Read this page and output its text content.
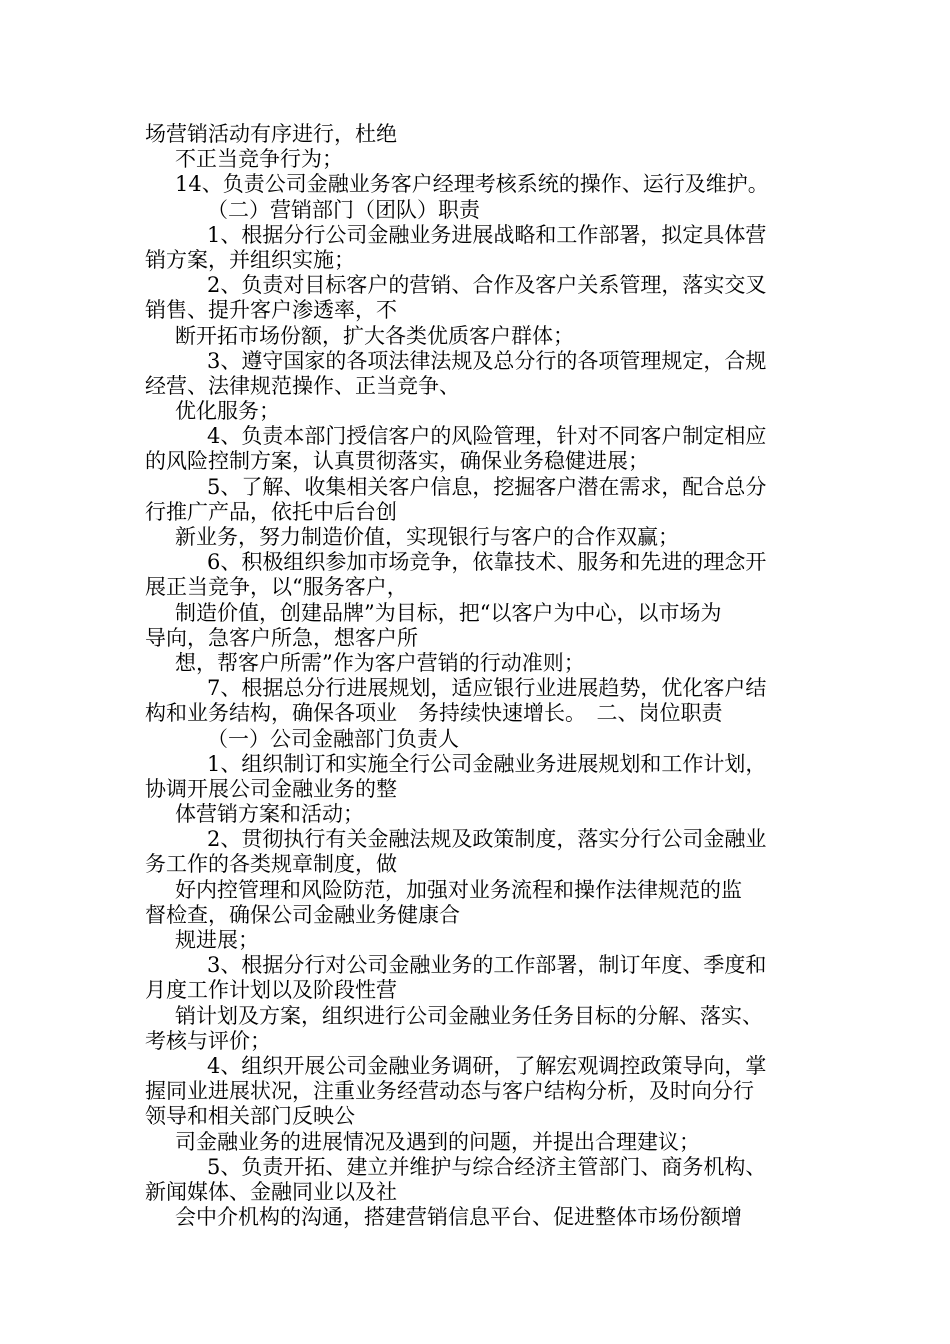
场营销活动有序进行，杜绝
不正当竞争行为；
14、负责公司金融业务客户经理考核系统的操作、运行及维护。
（二）营销部门（团队）职责
1、根据分行公司金融业务进展战略和工作部署，拟定具体营
销方案，并组织实施；
2、负责对目标客户的营销、合作及客户关系管理，落实交叉
销售、提升客户渗透率，不
断开拓市场份额，扩大各类优质客户群体；
3、遵守国家的各项法律法规及总分行的各项管理规定，合规
经营、法律规范操作、正当竞争、
优化服务；
4、负责本部门授信客户的风险管理，针对不同客户制定相应
的风险控制方案，认真贯彻落实，确保业务稳健进展；
5、了解、收集相关客户信息，挖掘客户潜在需求，配合总分
行推广产品，依托中后台创
新业务，努力制造价值，实现银行与客户的合作双赢；
6、积极组织参加市场竞争，依靠技术、服务和先进的理念开
展正当竞争，以“服务客户，
制造价值，创建品牌”为目标，把“以客户为中心，以市场为
导向，急客户所急，想客户所
想，帮客户所需”作为客户营销的行动准则；
7、根据总分行进展规划，适应银行业进展趋势，优化客户结
构和业务结构，确保各项业　务持续快速增长。　二、岗位职责
（一）公司金融部门负责人
1、组织制订和实施全行公司金融业务进展规划和工作计划，
协调开展公司金融业务的整
体营销方案和活动；
2、贯彻执行有关金融法规及政策制度，落实分行公司金融业
务工作的各类规章制度，做
好内控管理和风险防范，加强对业务流程和操作法律规范的监
督检查，确保公司金融业务健康合
规进展；
3、根据分行对公司金融业务的工作部署，制订年度、季度和
月度工作计划以及阶段性营
销计划及方案，组织进行公司金融业务任务目标的分解、落实、
考核与评价；
4、组织开展公司金融业务调研，了解宏观调控政策导向，掌
握同业进展状况，注重业务经营动态与客户结构分析，及时向分行
领导和相关部门反映公
司金融业务的进展情况及遇到的问题，并提出合理建议；
5、负责开拓、建立并维护与综合经济主管部门、商务机构、
新闻媒体、金融同业以及社
会中介机构的沟通，搭建营销信息平台、促进整体市场份额增
